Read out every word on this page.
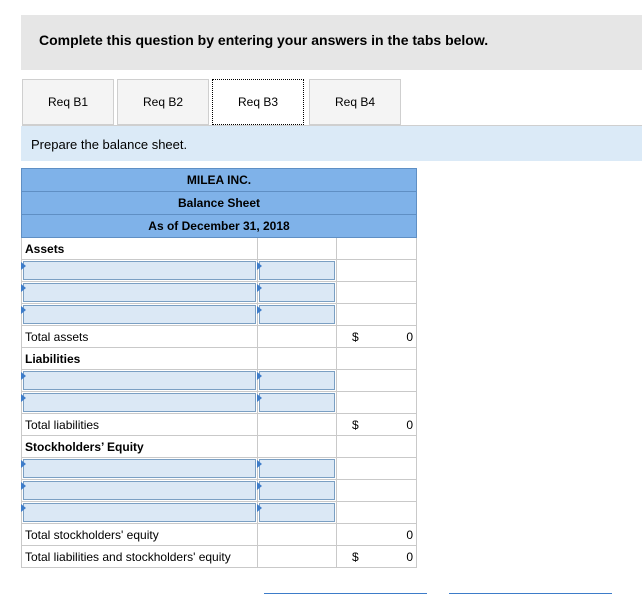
Complete this question by entering your answers in the tabs below.
Req B1	Req B2	Req B3	Req B4
Prepare the balance sheet.
MILEA INC.		
Balance Sheet		
As of December 31, 2018		
Assets		

Total assets		$ 0
Liabilities		

Total liabilities		$ 0
Stockholders’ Equity		

Total stockholders' equity		0
Total liabilities and stockholders' equity		$ 0
